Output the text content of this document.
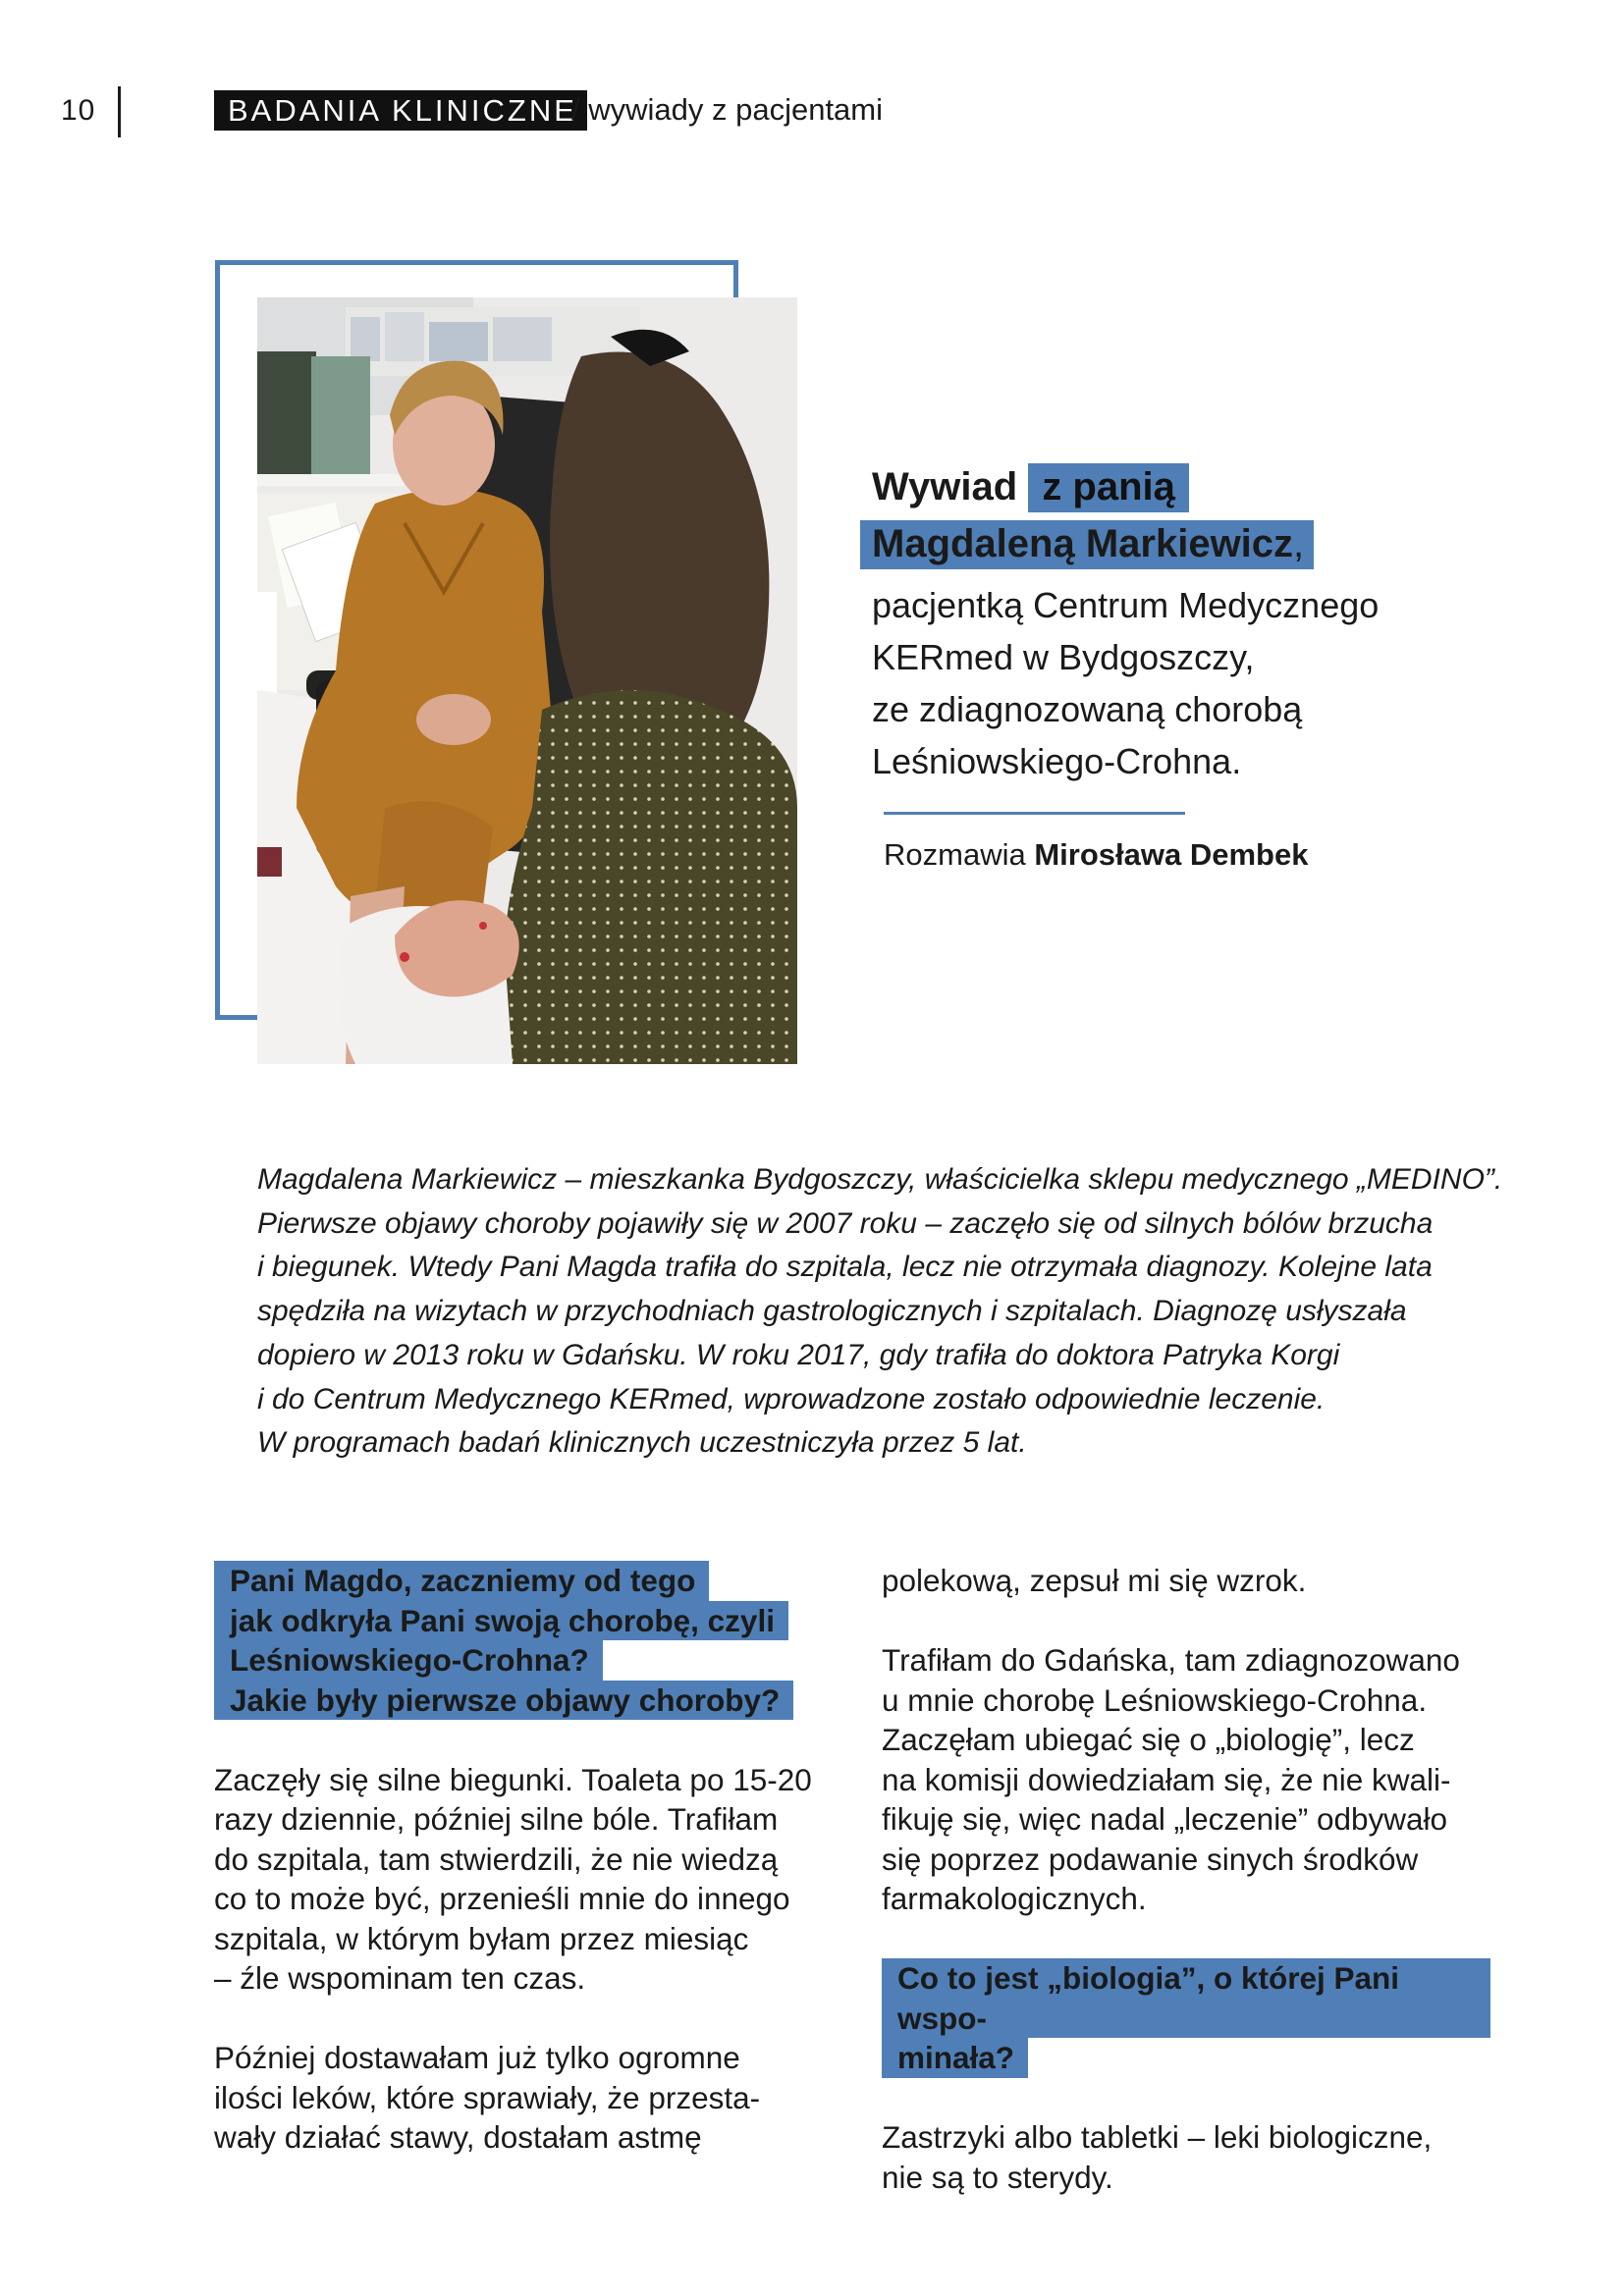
10	BADANIA KLINICZNE
/ wywiady z pacjentami
Wywiad z panią
Magdaleną Markiewicz,
pacjentką Centrum Medycznego
KERmed w Bydgoszczy,
ze zdiagnozowaną chorobą
Leśniowskiego-Crohna.
Rozmawia Mirosława Dembek

Magdalena Markiewicz – mieszkanka Bydgoszczy, właścicielka sklepu medycznego „MEDINO”.

Pierwsze objawy choroby pojawiły się w 2007 roku – zaczęło się od silnych bólów brzucha

i biegunek. Wtedy Pani Magda trafiła do szpitala, lecz nie otrzymała diagnozy. Kolejne lata

spędziła na wizytach w przychodniach gastrologicznych i szpitalach. Diagnozę usłyszała

dopiero w 2013 roku w Gdańsku. W roku 2017, gdy trafiła do doktora Patryka Korgi

i do Centrum Medycznego KERmed, wprowadzone zostało odpowiednie leczenie.

W programach badań klinicznych uczestniczyła przez 5 lat.

Pani Magdo, zaczniemy od tego
jak odkryła Pani swoją chorobę, czyli
Leśniowskiego-Crohna?
Jakie były pierwsze objawy choroby?

Zaczęły się silne biegunki. Toaleta po 15-20
razy dziennie, później silne bóle. Trafiłam
do szpitala, tam stwierdzili, że nie wiedzą
co to może być, przenieśli mnie do innego
szpitala, w którym byłam przez miesiąc
– źle wspominam ten czas.

Później dostawałam już tylko ogromne
ilości leków, które sprawiały, że przesta-
wały działać stawy, dostałam astmę

polekową, zepsuł mi się wzrok.

Trafiłam do Gdańska, tam zdiagnozowano
u mnie chorobę Leśniowskiego-Crohna.
Zaczęłam ubiegać się o „biologię”, lecz
na komisji dowiedziałam się, że nie kwali-
fikuję się, więc nadal „leczenie” odbywało
się poprzez podawanie sinych środków
farmakologicznych.

Co to jest „biologia”, o której Pani wspo-
minała?

Zastrzyki albo tabletki – leki biologiczne,
nie są to sterydy.
